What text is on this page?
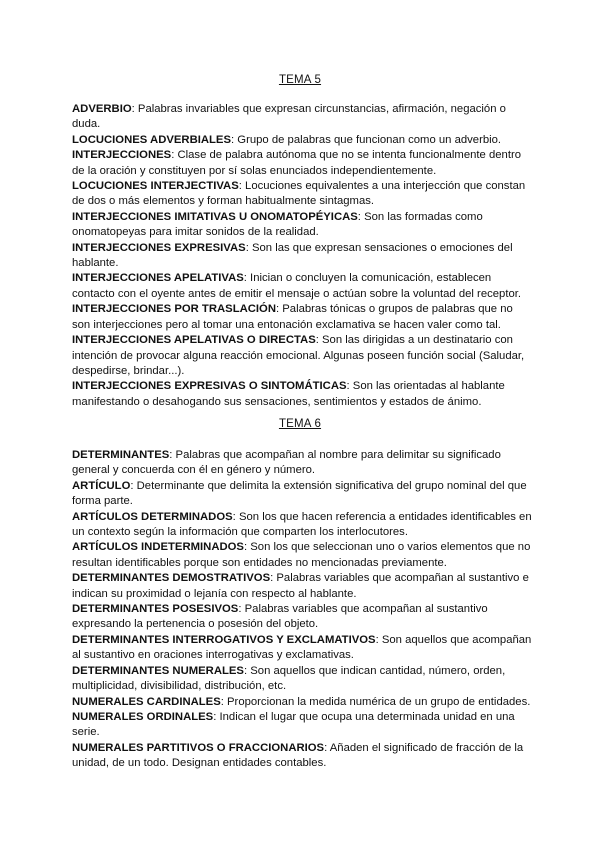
TEMA 5

ADVERBIO: Palabras invariables que expresan circunstancias, afirmación, negación o duda.

LOCUCIONES ADVERBIALES: Grupo de palabras que funcionan como un adverbio.

INTERJECCIONES: Clase de palabra autónoma que no se intenta funcionalmente dentro de la oración y constituyen por sí solas enunciados independientemente.

LOCUCIONES INTERJECTIVAS: Locuciones equivalentes a una interjección que constan de dos o más elementos y forman habitualmente sintagmas.

INTERJECCIONES IMITATIVAS U ONOMATOPÉYICAS: Son las formadas como onomatopeyas para imitar sonidos de la realidad.

INTERJECCIONES EXPRESIVAS: Son las que expresan sensaciones o emociones del hablante.

INTERJECCIONES APELATIVAS: Inician o concluyen la comunicación, establecen contacto con el oyente antes de emitir el mensaje o actúan sobre la voluntad del receptor.

INTERJECCIONES POR TRASLACIÓN: Palabras tónicas o grupos de palabras que no son interjecciones pero al tomar una entonación exclamativa se hacen valer como tal.

INTERJECCIONES APELATIVAS O DIRECTAS: Son las dirigidas a un destinatario con intención de provocar alguna reacción emocional. Algunas poseen función social (Saludar, despedirse, brindar...).

INTERJECCIONES EXPRESIVAS O SINTOMÁTICAS: Son las orientadas al hablante manifestando o desahogando sus sensaciones, sentimientos y estados de ánimo.

TEMA 6

DETERMINANTES: Palabras que acompañan al nombre para delimitar su significado general y concuerda con él en género y número.

ARTÍCULO: Determinante que delimita la extensión significativa del grupo nominal del que forma parte.

ARTÍCULOS DETERMINADOS: Son los que hacen referencia a entidades identificables en un contexto según la información que comparten los interlocutores.

ARTÍCULOS INDETERMINADOS: Son los que seleccionan uno o varios elementos que no resultan identificables porque son entidades no mencionadas previamente.

DETERMINANTES DEMOSTRATIVOS: Palabras variables que acompañan al sustantivo e indican su proximidad o lejanía con respecto al hablante.

DETERMINANTES POSESIVOS: Palabras variables que acompañan al sustantivo expresando la pertenencia o posesión del objeto.

DETERMINANTES INTERROGATIVOS Y EXCLAMATIVOS: Son aquellos que acompañan al sustantivo en oraciones interrogativas y exclamativas.

DETERMINANTES NUMERALES: Son aquellos que indican cantidad, número, orden, multiplicidad, divisibilidad, distribución, etc.

NUMERALES CARDINALES: Proporcionan la medida numérica de un grupo de entidades.

NUMERALES ORDINALES: Indican el lugar que ocupa una determinada unidad en una serie.

NUMERALES PARTITIVOS O FRACCIONARIOS: Añaden el significado de fracción de la unidad, de un todo. Designan entidades contables.
